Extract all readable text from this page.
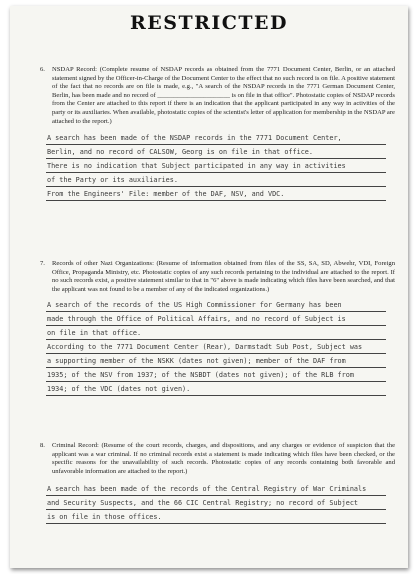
RESTRICTED
6. NSDAP Record: (Complete resume of NSDAP records as obtained from the 7771 Document Center, Berlin, or an attached statement signed by the Officer-in-Charge of the Document Center to the effect that no such record is on file. A positive statement of the fact that no records are on file is made, e.g., "A search of the NSDAP records in the 7771 German Document Center, Berlin, has been made and no record of ______________________ is on file in that office". Photostatic copies of NSDAP records from the Center are attached to this report if there is an indication that the applicant participated in any way in activities of the party or its auxiliaries. When available, photostatic copies of the scientist's letter of application for membership in the NSDAP are attached to the report.)
A search has been made of the NSDAP records in the 7771 Document Center,
Berlin, and no record of CALSOW, Georg is on file in that office.
There is no indication that Subject participated in any way in activities
of the Party or its auxiliaries.
From the Engineers' File: member of the DAF, NSV, and VDC.
7. Records of other Nazi Organizations: (Resume of information obtained from files of the SS, SA, SD, Abwehr, VDI, Foreign Office, Propaganda Ministry, etc. Photostatic copies of any such records pertaining to the individual are attached to the report. If no such records exist, a positive statement similar to that in "6" above is made indicating which files have been searched, and that the applicant was not found to be a member of any of the indicated organizations.)
A search of the records of the US High Commissioner for Germany has been
made through the Office of Political Affairs, and no record of Subject is
on file in that office.
According to the 7771 Document Center (Rear), Darmstadt Sub Post, Subject was
a supporting member of the NSKK (dates not given); member of the DAF from
1935; of the NSV from 1937; of the NSBDT (dates not given); of the RLB from
1934; of the VDC (dates not given).
8. Criminal Record: (Resume of the court records, charges, and dispositions, and any charges or evidence of suspicion that the applicant was a war criminal. If no criminal records exist a statement is made indicating which files have been checked, or the specific reasons for the unavailability of such records. Photostatic copies of any records containing both favorable and unfavorable information are attached to the report.)
A search has been made of the records of the Central Registry of War Criminals
and Security Suspects, and the 66 CIC Central Registry; no record of Subject
is on file in those offices.
